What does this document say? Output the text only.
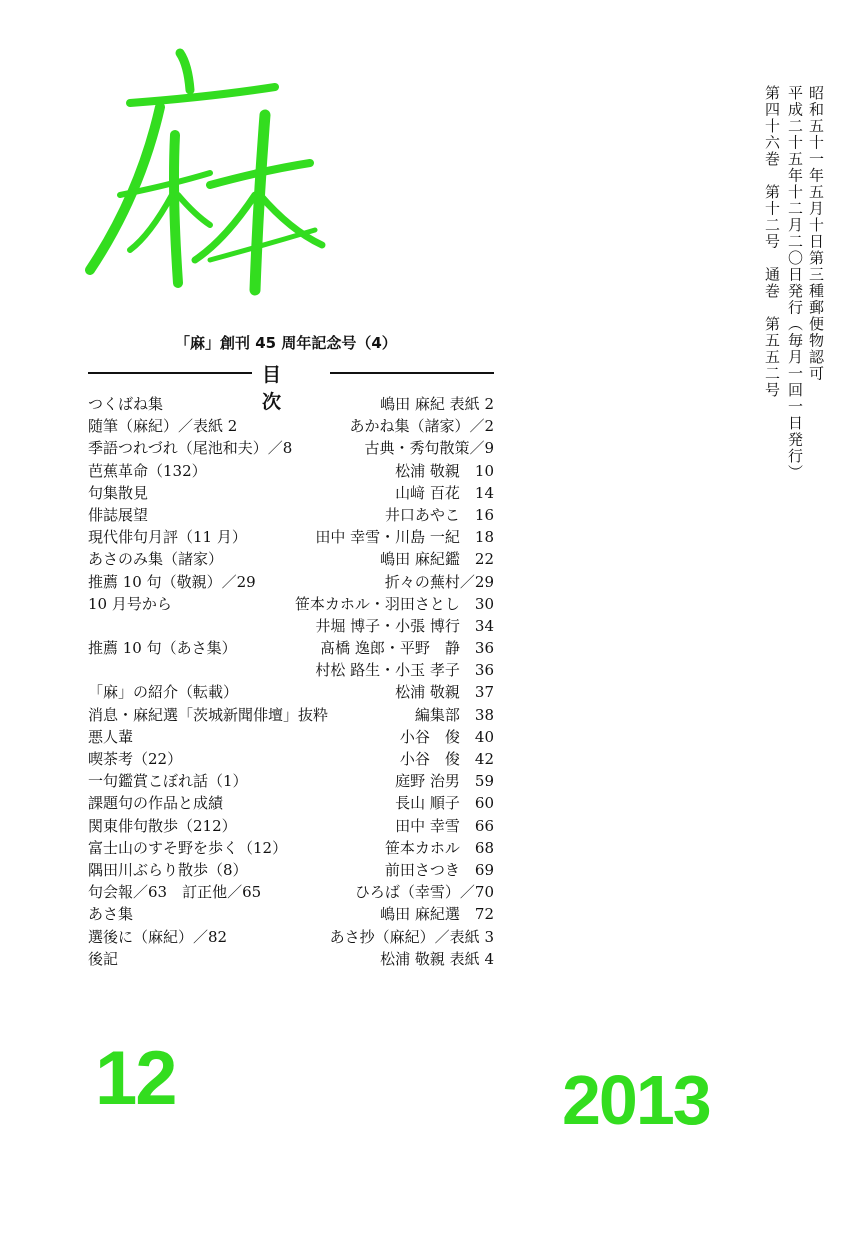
昭和五十一年五月十日第三種郵便物認可
平成二十五年十二月二〇日発行（毎月一回一日発行）
第四十六巻　第十二号　通巻　第五五二号
「麻」創刊 45 周年記念号（4）
目次
つくばね集	嶋田 麻紀 表紙 2
随筆（麻紀）／表紙 2	あかね集（諸家）／2
季語つれづれ（尾池和夫）／8	古典・秀句散策／9
芭蕉革命（132）	松浦 敬親　10
句集散見	山﨑 百花　14
俳誌展望	井口あやこ　16
現代俳句月評（11 月）	田中 幸雪・川島 一紀　18
あさのみ集（諸家）	嶋田 麻紀鑑　22
推薦 10 句（敬親）／29	折々の蕪村／29
10 月号から	笹本カホル・羽田さとし　30
井堀 博子・小張 博行　34
推薦 10 句（あさ集）	髙橋 逸郎・平野　静　36
村松 路生・小玉 孝子　36
「麻」の紹介（転載）	松浦 敬親　37
消息・麻紀選「茨城新聞俳壇」抜粋	編集部　38
悪人輩	小谷　俊　40
喫茶考（22）	小谷　俊　42
一句鑑賞こぼれ話（1）	庭野 治男　59
課題句の作品と成績	長山 順子　60
関東俳句散歩（212）	田中 幸雪　66
富士山のすそ野を歩く（12）	笹本カホル　68
隅田川ぶらり散歩（8）	前田さつき　69
句会報／63　訂正他／65	ひろば（幸雪）／70
あさ集	嶋田 麻紀選　72
選後に（麻紀）／82	あさ抄（麻紀）／表紙 3
後記	松浦 敬親 表紙 4
12	2013
